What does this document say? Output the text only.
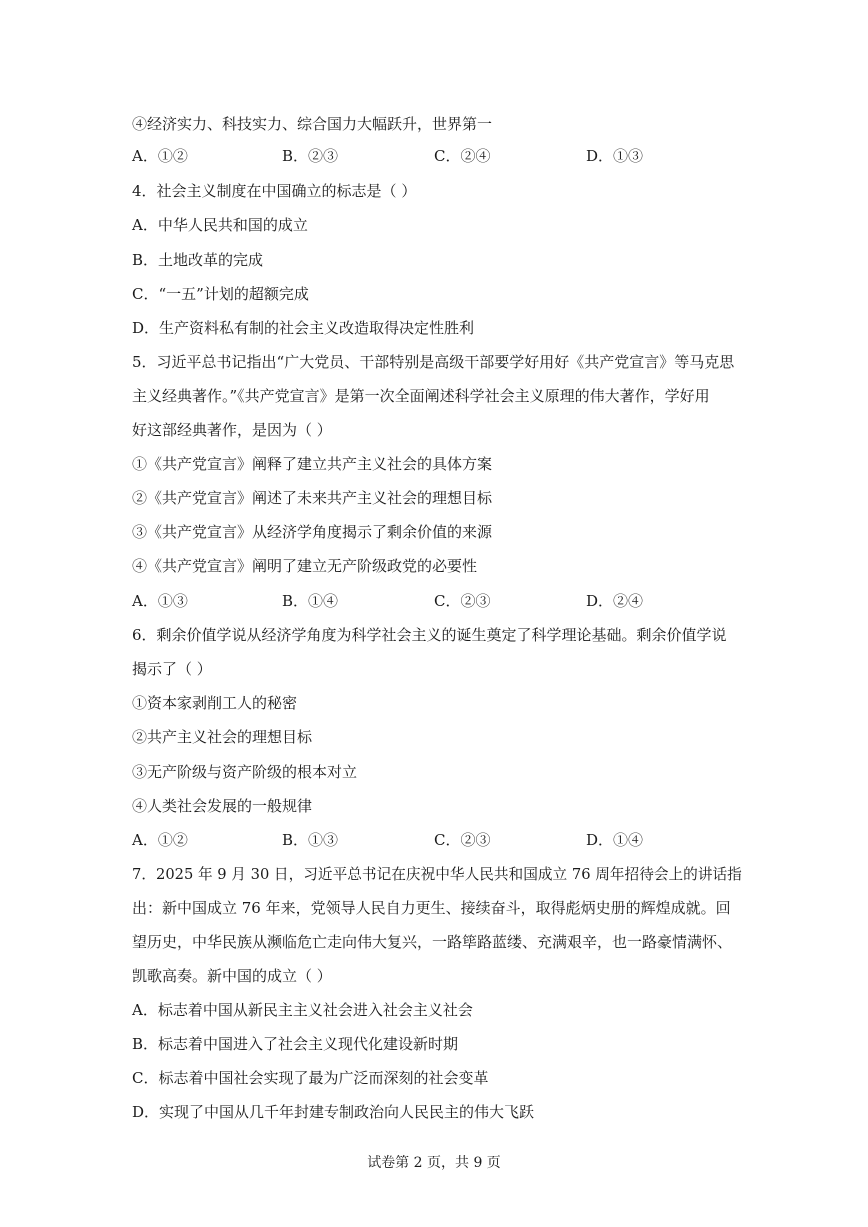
④经济实力、科技实力、综合国力大幅跃升，世界第一
A．①②	B．②③	C．②④	D．①③
4．社会主义制度在中国确立的标志是（ ）
A．中华人民共和国的成立
B．土地改革的完成
C．“一五”计划的超额完成
D．生产资料私有制的社会主义改造取得决定性胜利
5．习近平总书记指出“广大党员、干部特别是高级干部要学好用好《共产党宣言》等马克思
主义经典著作。”《共产党宣言》是第一次全面阐述科学社会主义原理的伟大著作，学好用
好这部经典著作，是因为（ ）
①《共产党宣言》阐释了建立共产主义社会的具体方案
②《共产党宣言》阐述了未来共产主义社会的理想目标
③《共产党宣言》从经济学角度揭示了剩余价值的来源
④《共产党宣言》阐明了建立无产阶级政党的必要性
A．①③	B．①④	C．②③	D．②④
6．剩余价值学说从经济学角度为科学社会主义的诞生奠定了科学理论基础。剩余价值学说
揭示了（ ）
①资本家剥削工人的秘密
②共产主义社会的理想目标
③无产阶级与资产阶级的根本对立
④人类社会发展的一般规律
A．①②	B．①③	C．②③	D．①④
7．2025 年 9 月 30 日，习近平总书记在庆祝中华人民共和国成立 76 周年招待会上的讲话指
出：新中国成立 76 年来，党领导人民自力更生、接续奋斗，取得彪炳史册的辉煌成就。回
望历史，中华民族从濒临危亡走向伟大复兴，一路筚路蓝缕、充满艰辛，也一路豪情满怀、
凯歌高奏。新中国的成立（ ）
A．标志着中国从新民主主义社会进入社会主义社会
B．标志着中国进入了社会主义现代化建设新时期
C．标志着中国社会实现了最为广泛而深刻的社会变革
D．实现了中国从几千年封建专制政治向人民民主的伟大飞跃
试卷第 2 页，共 9 页
